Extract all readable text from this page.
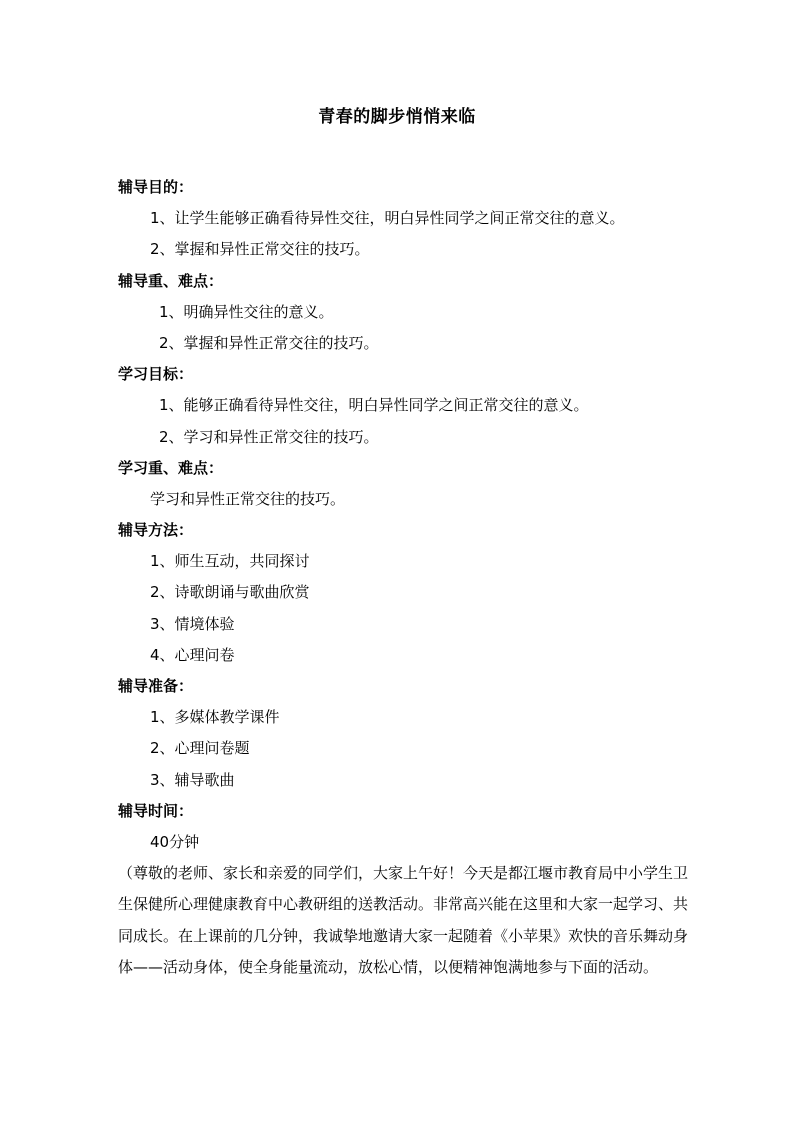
青春的脚步悄悄来临

辅导目的：

1、让学生能够正确看待异性交往，明白异性同学之间正常交往的意义。

2、掌握和异性正常交往的技巧。

辅导重、难点：

1、明确异性交往的意义。

2、掌握和异性正常交往的技巧。

学习目标：

1、能够正确看待异性交往，明白异性同学之间正常交往的意义。

2、学习和异性正常交往的技巧。

学习重、难点：

学习和异性正常交往的技巧。

辅导方法：

1、师生互动，共同探讨

2、诗歌朗诵与歌曲欣赏

3、情境体验

4、心理问卷

辅导准备：

1、多媒体教学课件

2、心理问卷题

3、辅导歌曲

辅导时间：

40分钟

（尊敬的老师、家长和亲爱的同学们，大家上午好！今天是都江堰市教育局中小学生卫生保健所心理健康教育中心教研组的送教活动。非常高兴能在这里和大家一起学习、共同成长。在上课前的几分钟，我诚挚地邀请大家一起随着《小苹果》欢快的音乐舞动身体——活动身体，使全身能量流动，放松心情，以便精神饱满地参与下面的活动。
